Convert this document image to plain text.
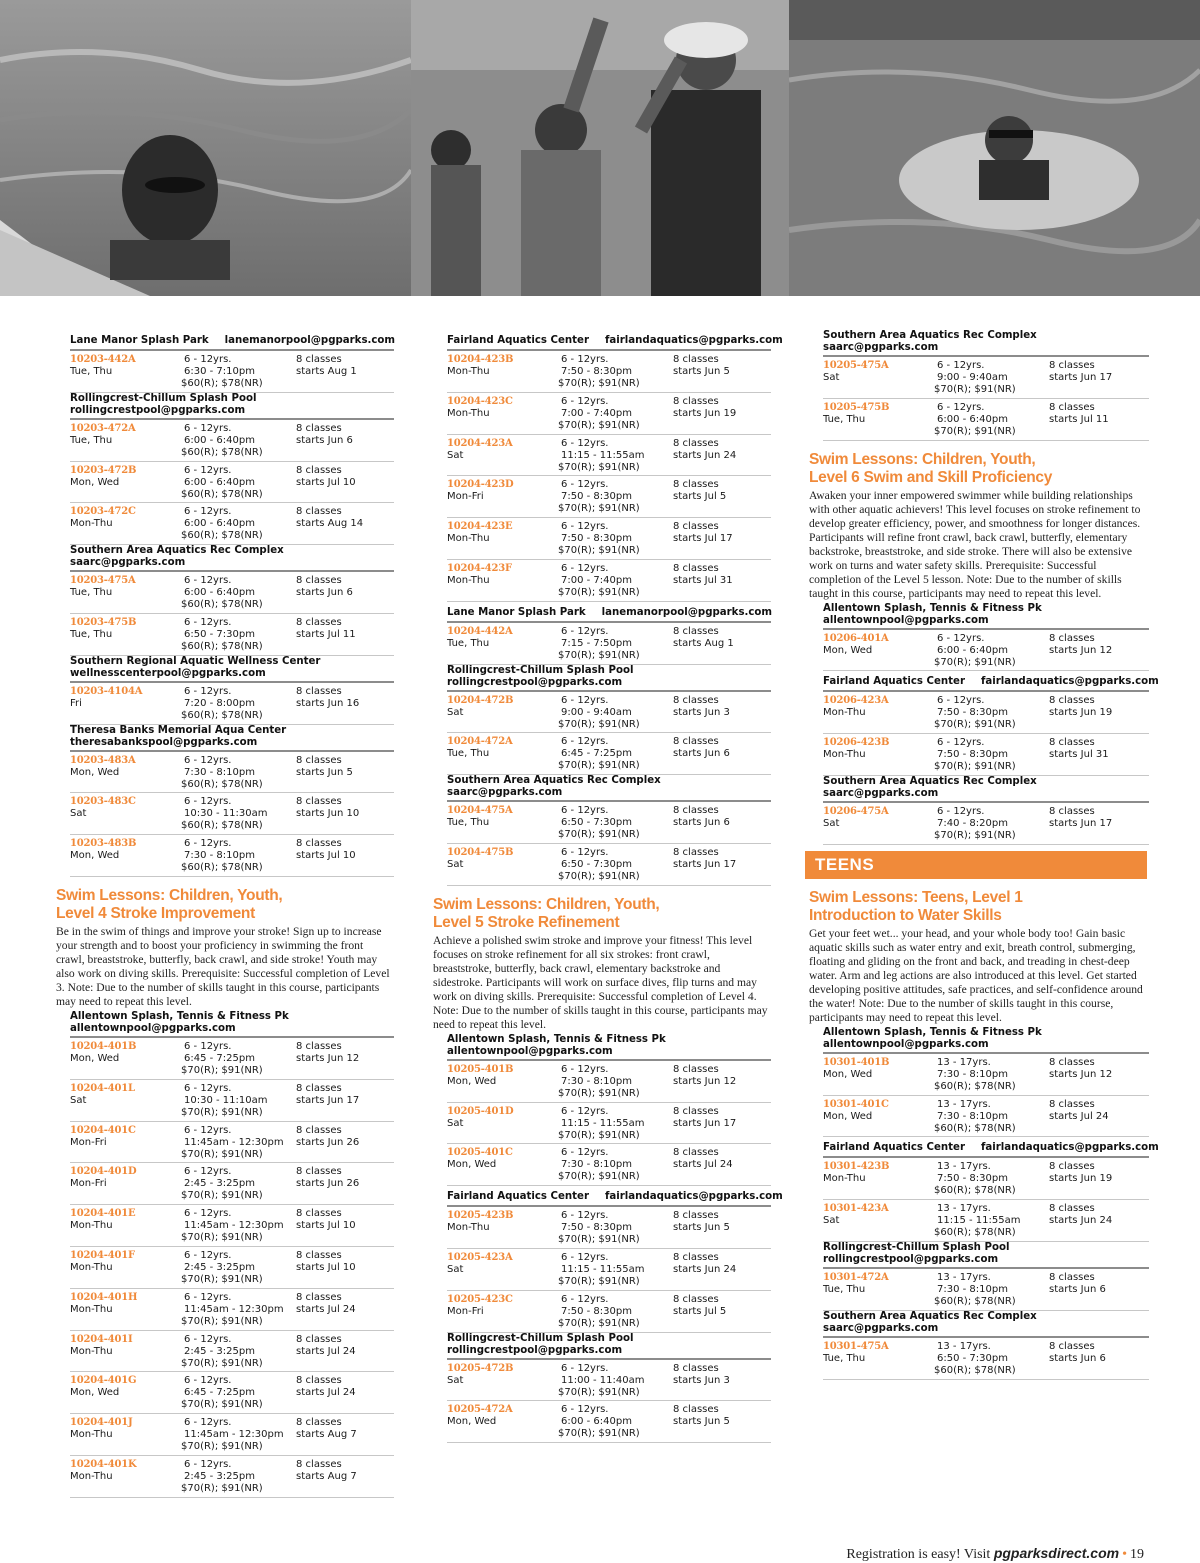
Lane Manor Splash Park lanemanorpool@pgparks.com
10203-442A
Tue, Thu
6 - 12yrs.
6:30 - 7:10pm
$60(R); $78(NR)
8 classes
starts Aug 1
Rollingcrest-Chillum Splash Pool
rollingcrestpool@pgparks.com
10203-472A
Tue, Thu
6 - 12yrs.
6:00 - 6:40pm
$60(R); $78(NR)
8 classes
starts Jun 6
10203-472B
Mon, Wed
6 - 12yrs.
6:00 - 6:40pm
$60(R); $78(NR)
8 classes
starts Jul 10
10203-472C
Mon-Thu
6 - 12yrs.
6:00 - 6:40pm
$60(R); $78(NR)
8 classes
starts Aug 14
Southern Area Aquatics Rec Complex
saarc@pgparks.com
10203-475A
Tue, Thu
6 - 12yrs.
6:00 - 6:40pm
$60(R); $78(NR)
8 classes
starts Jun 6
10203-475B
Tue, Thu
6 - 12yrs.
6:50 - 7:30pm
$60(R); $78(NR)
8 classes
starts Jul 11
Southern Regional Aquatic Wellness Center
wellnesscenterpool@pgparks.com
10203-4104A
Fri
6 - 12yrs.
7:20 - 8:00pm
$60(R); $78(NR)
8 classes
starts Jun 16
Theresa Banks Memorial Aqua Center
theresabankspool@pgparks.com
10203-483A
Mon, Wed
6 - 12yrs.
7:30 - 8:10pm
$60(R); $78(NR)
8 classes
starts Jun 5
10203-483C
Sat
6 - 12yrs.
10:30 - 11:30am
$60(R); $78(NR)
8 classes
starts Jun 10
10203-483B
Mon, Wed
6 - 12yrs.
7:30 - 8:10pm
$60(R); $78(NR)
8 classes
starts Jul 10
Swim Lessons: Children, Youth,
Level 4 Stroke Improvement
Be in the swim of things and improve your stroke! Sign up to increase your strength and to boost your proficiency in swimming the front crawl, breaststroke, butterfly, back crawl, and side stroke! Youth may also work on diving skills. Prerequisite: Successful completion of Level 3. Note: Due to the number of skills taught in this course, participants may need to repeat this level.
Allentown Splash, Tennis & Fitness Pk
allentownpool@pgparks.com
10204-401B
Mon, Wed
6 - 12yrs.
6:45 - 7:25pm
$70(R); $91(NR)
8 classes
starts Jun 12
10204-401L
Sat
6 - 12yrs.
10:30 - 11:10am
$70(R); $91(NR)
8 classes
starts Jun 17
10204-401C
Mon-Fri
6 - 12yrs.
11:45am - 12:30pm
$70(R); $91(NR)
8 classes
starts Jun 26
10204-401D
Mon-Fri
6 - 12yrs.
2:45 - 3:25pm
$70(R); $91(NR)
8 classes
starts Jun 26
10204-401E
Mon-Thu
6 - 12yrs.
11:45am - 12:30pm
$70(R); $91(NR)
8 classes
starts Jul 10
10204-401F
Mon-Thu
6 - 12yrs.
2:45 - 3:25pm
$70(R); $91(NR)
8 classes
starts Jul 10
10204-401H
Mon-Thu
6 - 12yrs.
11:45am - 12:30pm
$70(R); $91(NR)
8 classes
starts Jul 24
10204-401I
Mon-Thu
6 - 12yrs.
2:45 - 3:25pm
$70(R); $91(NR)
8 classes
starts Jul 24
10204-401G
Mon, Wed
6 - 12yrs.
6:45 - 7:25pm
$70(R); $91(NR)
8 classes
starts Jul 24
10204-401J
Mon-Thu
6 - 12yrs.
11:45am - 12:30pm
$70(R); $91(NR)
8 classes
starts Aug 7
10204-401K
Mon-Thu
6 - 12yrs.
2:45 - 3:25pm
$70(R); $91(NR)
8 classes
starts Aug 7
Fairland Aquatics Center fairlandaquatics@pgparks.com
10204-423B
Mon-Thu
6 - 12yrs.
7:50 - 8:30pm
$70(R); $91(NR)
8 classes
starts Jun 5
10204-423C
Mon-Thu
6 - 12yrs.
7:00 - 7:40pm
$70(R); $91(NR)
8 classes
starts Jun 19
10204-423A
Sat
6 - 12yrs.
11:15 - 11:55am
$70(R); $91(NR)
8 classes
starts Jun 24
10204-423D
Mon-Fri
6 - 12yrs.
7:50 - 8:30pm
$70(R); $91(NR)
8 classes
starts Jul 5
10204-423E
Mon-Thu
6 - 12yrs.
7:50 - 8:30pm
$70(R); $91(NR)
8 classes
starts Jul 17
10204-423F
Mon-Thu
6 - 12yrs.
7:00 - 7:40pm
$70(R); $91(NR)
8 classes
starts Jul 31
Lane Manor Splash Park lanemanorpool@pgparks.com
10204-442A
Tue, Thu
6 - 12yrs.
7:15 - 7:50pm
$70(R); $91(NR)
8 classes
starts Aug 1
Rollingcrest-Chillum Splash Pool
rollingcrestpool@pgparks.com
10204-472B
Sat
6 - 12yrs.
9:00 - 9:40am
$70(R); $91(NR)
8 classes
starts Jun 3
10204-472A
Tue, Thu
6 - 12yrs.
6:45 - 7:25pm
$70(R); $91(NR)
8 classes
starts Jun 6
Southern Area Aquatics Rec Complex
saarc@pgparks.com
10204-475A
Tue, Thu
6 - 12yrs.
6:50 - 7:30pm
$70(R); $91(NR)
8 classes
starts Jun 6
10204-475B
Sat
6 - 12yrs.
6:50 - 7:30pm
$70(R); $91(NR)
8 classes
starts Jun 17
Swim Lessons: Children, Youth,
Level 5 Stroke Refinement
Achieve a polished swim stroke and improve your fitness! This level focuses on stroke refinement for all six strokes: front crawl, breaststroke, butterfly, back crawl, elementary backstroke and sidestroke. Participants will work on surface dives, flip turns and may work on diving skills. Prerequisite: Successful completion of Level 4. Note: Due to the number of skills taught in this course, participants may need to repeat this level.
Allentown Splash, Tennis & Fitness Pk
allentownpool@pgparks.com
10205-401B
Mon, Wed
6 - 12yrs.
7:30 - 8:10pm
$70(R); $91(NR)
8 classes
starts Jun 12
10205-401D
Sat
6 - 12yrs.
11:15 - 11:55am
$70(R); $91(NR)
8 classes
starts Jun 17
10205-401C
Mon, Wed
6 - 12yrs.
7:30 - 8:10pm
$70(R); $91(NR)
8 classes
starts Jul 24
Fairland Aquatics Center fairlandaquatics@pgparks.com
10205-423B
Mon-Thu
6 - 12yrs.
7:50 - 8:30pm
$70(R); $91(NR)
8 classes
starts Jun 5
10205-423A
Sat
6 - 12yrs.
11:15 - 11:55am
$70(R); $91(NR)
8 classes
starts Jun 24
10205-423C
Mon-Fri
6 - 12yrs.
7:50 - 8:30pm
$70(R); $91(NR)
8 classes
starts Jul 5
Rollingcrest-Chillum Splash Pool
rollingcrestpool@pgparks.com
10205-472B
Sat
6 - 12yrs.
11:00 - 11:40am
$70(R); $91(NR)
8 classes
starts Jun 3
10205-472A
Mon, Wed
6 - 12yrs.
6:00 - 6:40pm
$70(R); $91(NR)
8 classes
starts Jun 5
Southern Area Aquatics Rec Complex
saarc@pgparks.com
10205-475A
Sat
6 - 12yrs.
9:00 - 9:40am
$70(R); $91(NR)
8 classes
starts Jun 17
10205-475B
Tue, Thu
6 - 12yrs.
6:00 - 6:40pm
$70(R); $91(NR)
8 classes
starts Jul 11
Swim Lessons: Children, Youth,
Level 6 Swim and Skill Proficiency
Awaken your inner empowered swimmer while building relationships with other aquatic achievers! This level focuses on stroke refinement to develop greater efficiency, power, and smoothness for longer distances. Participants will refine front crawl, back crawl, butterfly, elementary backstroke, breaststroke, and side stroke. There will also be extensive work on turns and water safety skills. Prerequisite: Successful completion of the Level 5 lesson. Note: Due to the number of skills taught in this course, participants may need to repeat this level.
Allentown Splash, Tennis & Fitness Pk
allentownpool@pgparks.com
10206-401A
Mon, Wed
6 - 12yrs.
6:00 - 6:40pm
$70(R); $91(NR)
8 classes
starts Jun 12
Fairland Aquatics Center fairlandaquatics@pgparks.com
10206-423A
Mon-Thu
6 - 12yrs.
7:50 - 8:30pm
$70(R); $91(NR)
8 classes
starts Jun 19
10206-423B
Mon-Thu
6 - 12yrs.
7:50 - 8:30pm
$70(R); $91(NR)
8 classes
starts Jul 31
Southern Area Aquatics Rec Complex
saarc@pgparks.com
10206-475A
Sat
6 - 12yrs.
7:40 - 8:20pm
$70(R); $91(NR)
8 classes
starts Jun 17
TEENS
Swim Lessons: Teens, Level 1
Introduction to Water Skills
Get your feet wet... your head, and your whole body too! Gain basic aquatic skills such as water entry and exit, breath control, submerging, floating and gliding on the front and back, and treading in chest-deep water. Arm and leg actions are also introduced at this level. Get started developing positive attitudes, safe practices, and self-confidence around the water! Note: Due to the number of skills taught in this course, participants may need to repeat this level.
Allentown Splash, Tennis & Fitness Pk
allentownpool@pgparks.com
10301-401B
Mon, Wed
13 - 17yrs.
7:30 - 8:10pm
$60(R); $78(NR)
8 classes
starts Jun 12
10301-401C
Mon, Wed
13 - 17yrs.
7:30 - 8:10pm
$60(R); $78(NR)
8 classes
starts Jul 24
Fairland Aquatics Center fairlandaquatics@pgparks.com
10301-423B
Mon-Thu
13 - 17yrs.
7:50 - 8:30pm
$60(R); $78(NR)
8 classes
starts Jun 19
10301-423A
Sat
13 - 17yrs.
11:15 - 11:55am
$60(R); $78(NR)
8 classes
starts Jun 24
Rollingcrest-Chillum Splash Pool
rollingcrestpool@pgparks.com
10301-472A
Tue, Thu
13 - 17yrs.
7:30 - 8:10pm
$60(R); $78(NR)
8 classes
starts Jun 6
Southern Area Aquatics Rec Complex
saarc@pgparks.com
10301-475A
Tue, Thu
13 - 17yrs.
6:50 - 7:30pm
$60(R); $78(NR)
8 classes
starts Jun 6
Registration is easy! Visit pgparksdirect.com • 19
